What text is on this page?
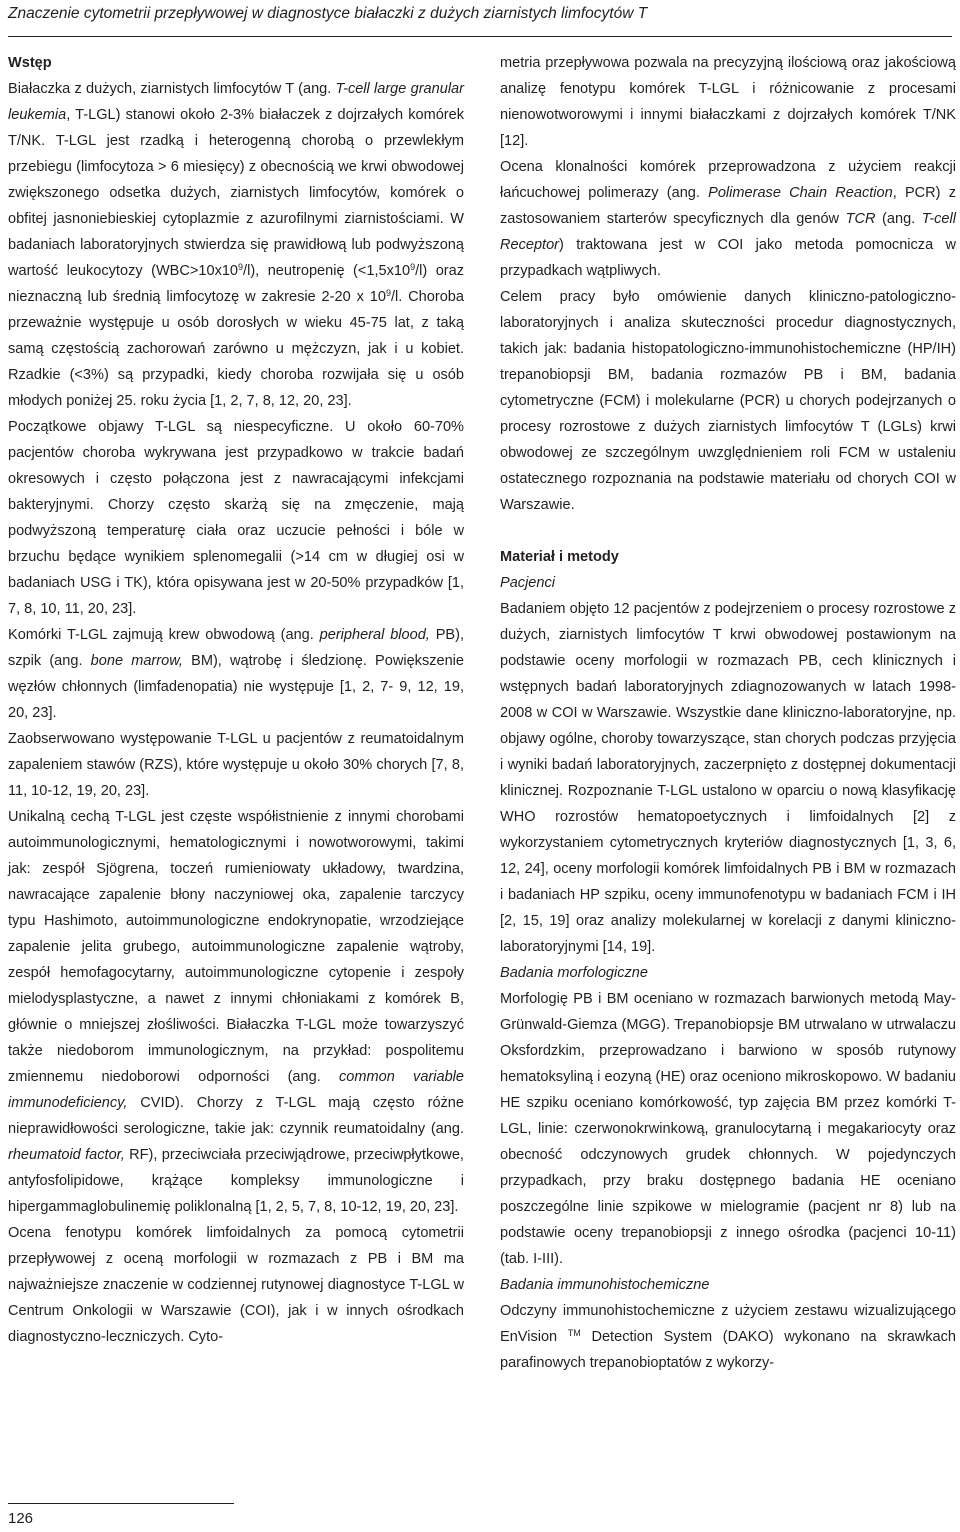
Znaczenie cytometrii przepływowej w diagnostyce białaczki z dużych ziarnistych limfocytów T
Wstęp

Białaczka z dużych, ziarnistych limfocytów T (ang. T-cell large granular leukemia, T-LGL) stanowi około 2-3% białaczek z dojrzałych komórek T/NK. T-LGL jest rzadką i heterogenną chorobą o przewlekłym przebiegu (limfocytoza > 6 miesięcy) z obecnością we krwi obwodowej zwiększonego odsetka dużych, ziarnistych limfocytów, komórek o obfitej jasnoniebieskiej cytoplazmie z azurofilnymi ziarnistościami. W badaniach laboratoryjnych stwierdza się prawidłową lub podwyższoną wartość leukocytozy $(WBC>10x10^9/l)$, neutropenię $(<1,5x10^9/l)$ oraz nieznaczną lub średnią limfocytozę w zakresie 2-20 x $10^9/l$. Choroba przeważnie występuje u osób dorosłych w wieku 45-75 lat, z taką samą częstością zachorowań zarówno u mężczyzn, jak i u kobiet. Rzadkie (<3%) są przypadki, kiedy choroba rozwijała się u osób młodych poniżej 25. roku życia [1, 2, 7, 8, 12, 20, 23].

Początkowe objawy T-LGL są niespecyficzne. U około 60-70% pacjentów choroba wykrywana jest przypadkowo w trakcie badań okresowych i często połączona jest z nawracającymi infekcjami bakteryjnymi. Chorzy często skarżą się na zmęczenie, mają podwyższoną temperaturę ciała oraz uczucie pełności i bóle w brzuchu będące wynikiem splenomegalii (>14 cm w długiej osi w badaniach USG i TK), która opisywana jest w 20-50% przypadków [1, 7, 8, 10, 11, 20, 23].

Komórki T-LGL zajmują krew obwodową (ang. peripheral blood, PB), szpik (ang. bone marrow, BM), wątrobę i śledzionę. Powiększenie węzłów chłonnych (limfadenopatia) nie występuje [1, 2, 7- 9, 12, 19, 20, 23].

Zaobserwowano występowanie T-LGL u pacjentów z reumatoidalnym zapaleniem stawów (RZS), które występuje u około 30% chorych [7, 8, 11, 10-12, 19, 20, 23].

Unikalną cechą T-LGL jest częste współistnienie z innymi chorobami autoimmunologicznymi, hematologicznymi i nowotworowymi, takimi jak: zespół Sjögrena, toczeń rumieniowaty układowy, twardzina, nawracające zapalenie błony naczyniowej oka, zapalenie tarczycy typu Hashimoto, autoimmunologiczne endokrynopatie, wrzodziejące zapalenie jelita grubego, autoimmunologiczne zapalenie wątroby, zespół hemofagocytarny, autoimmunologiczne cytopenie i zespoły mielodysplastyczne, a nawet z innymi chłoniakami z komórek B, głównie o mniejszej złośliwości. Białaczka T-LGL może towarzyszyć także niedoborom immunologicznym, na przykład: pospolitemu zmiennemu niedoborowi odporności (ang. common variable immunodeficiency, CVID). Chorzy z T-LGL mają często różne nieprawidłowości serologiczne, takie jak: czynnik reumatoidalny (ang. rheumatoid factor, RF), przeciwciała przeciwjądrowe, przeciwpłytkowe, antyfosfolipidowe, krążące kompleksy immunologiczne i hipergammaglobulinemię poliklonalną [1, 2, 5, 7, 8, 10-12, 19, 20, 23].

Ocena fenotypu komórek limfoidalnych za pomocą cytometrii przepływowej z oceną morfologii w rozmazach z PB i BM ma najważniejsze znaczenie w codziennej rutynowej diagnostyce T-LGL w Centrum Onkologii w Warszawie (COI), jak i w innych ośrodkach diagnostyczno-leczniczych. Cyto-

metria przepływowa pozwala na precyzyjną ilościową oraz jakościową analizę fenotypu komórek T-LGL i różnicowanie z procesami nienowotworowymi i innymi białaczkami z dojrzałych komórek T/NK [12].

Ocena klonalności komórek przeprowadzona z użyciem reakcji łańcuchowej polimerazy (ang. Polimerase Chain Reaction, PCR) z zastosowaniem starterów specyficznych dla genów TCR (ang. T-cell Receptor) traktowana jest w COI jako metoda pomocnicza w przypadkach wątpliwych.

Celem pracy było omówienie danych kliniczno-patologiczno-laboratoryjnych i analiza skuteczności procedur diagnostycznych, takich jak: badania histopatologiczno-immunohistochemiczne (HP/IH) trepanobiopsji BM, badania rozmazów PB i BM, badania cytometryczne (FCM) i molekularne (PCR) u chorych podejrzanych o procesy rozrostowe z dużych ziarnistych limfocytów T (LGLs) krwi obwodowej ze szczególnym uwzględnieniem roli FCM w ustaleniu ostatecznego rozpoznania na podstawie materiału od chorych COI w Warszawie.

Materiał i metody
Pacjenci

Badaniem objęto 12 pacjentów z podejrzeniem o procesy rozrostowe z dużych, ziarnistych limfocytów T krwi obwodowej postawionym na podstawie oceny morfologii w rozmazach PB, cech klinicznych i wstępnych badań laboratoryjnych zdiagnozowanych w latach 1998-2008 w COI w Warszawie. Wszystkie dane kliniczno-laboratoryjne, np. objawy ogólne, choroby towarzyszące, stan chorych podczas przyjęcia i wyniki badań laboratoryjnych, zaczerpnięto z dostępnej dokumentacji klinicznej. Rozpoznanie T-LGL ustalono w oparciu o nową klasyfikację WHO rozrostów hematopoetycznych i limfoidalnych [2] z wykorzystaniem cytometrycznych kryteriów diagnostycznych [1, 3, 6, 12, 24], oceny morfologii komórek limfoidalnych PB i BM w rozmazach i badaniach HP szpiku, oceny immunofenotypu w badaniach FCM i IH [2, 15, 19] oraz analizy molekularnej w korelacji z danymi kliniczno-laboratoryjnymi [14, 19].

Badania morfologiczne

Morfologię PB i BM oceniano w rozmazach barwionych metodą May-Grünwald-Giemza (MGG). Trepanobiopsje BM utrwalano w utrwalaczu Oksfordzkim, przeprowadzano i barwiono w sposób rutynowy hematoksyliną i eozyną (HE) oraz oceniono mikroskopowo. W badaniu HE szpiku oceniano komórkowość, typ zajęcia BM przez komórki T-LGL, linie: czerwonokrwinkową, granulocytarną i megakariocyty oraz obecność odczynowych grudek chłonnych. W pojedynczych przypadkach, przy braku dostępnego badania HE oceniano poszczególne linie szpikowe w mielogramie (pacjent nr 8) lub na podstawie oceny trepanobiopsji z innego ośrodka (pacjenci 10-11) (tab. I-III).

Badania immunohistochemiczne

Odczyny immunohistochemiczne z użyciem zestawu wizualizującego EnVision ™ Detection System (DAKO) wykonano na skrawkach parafinowych trepanobioptatów z wykorzy-

126
